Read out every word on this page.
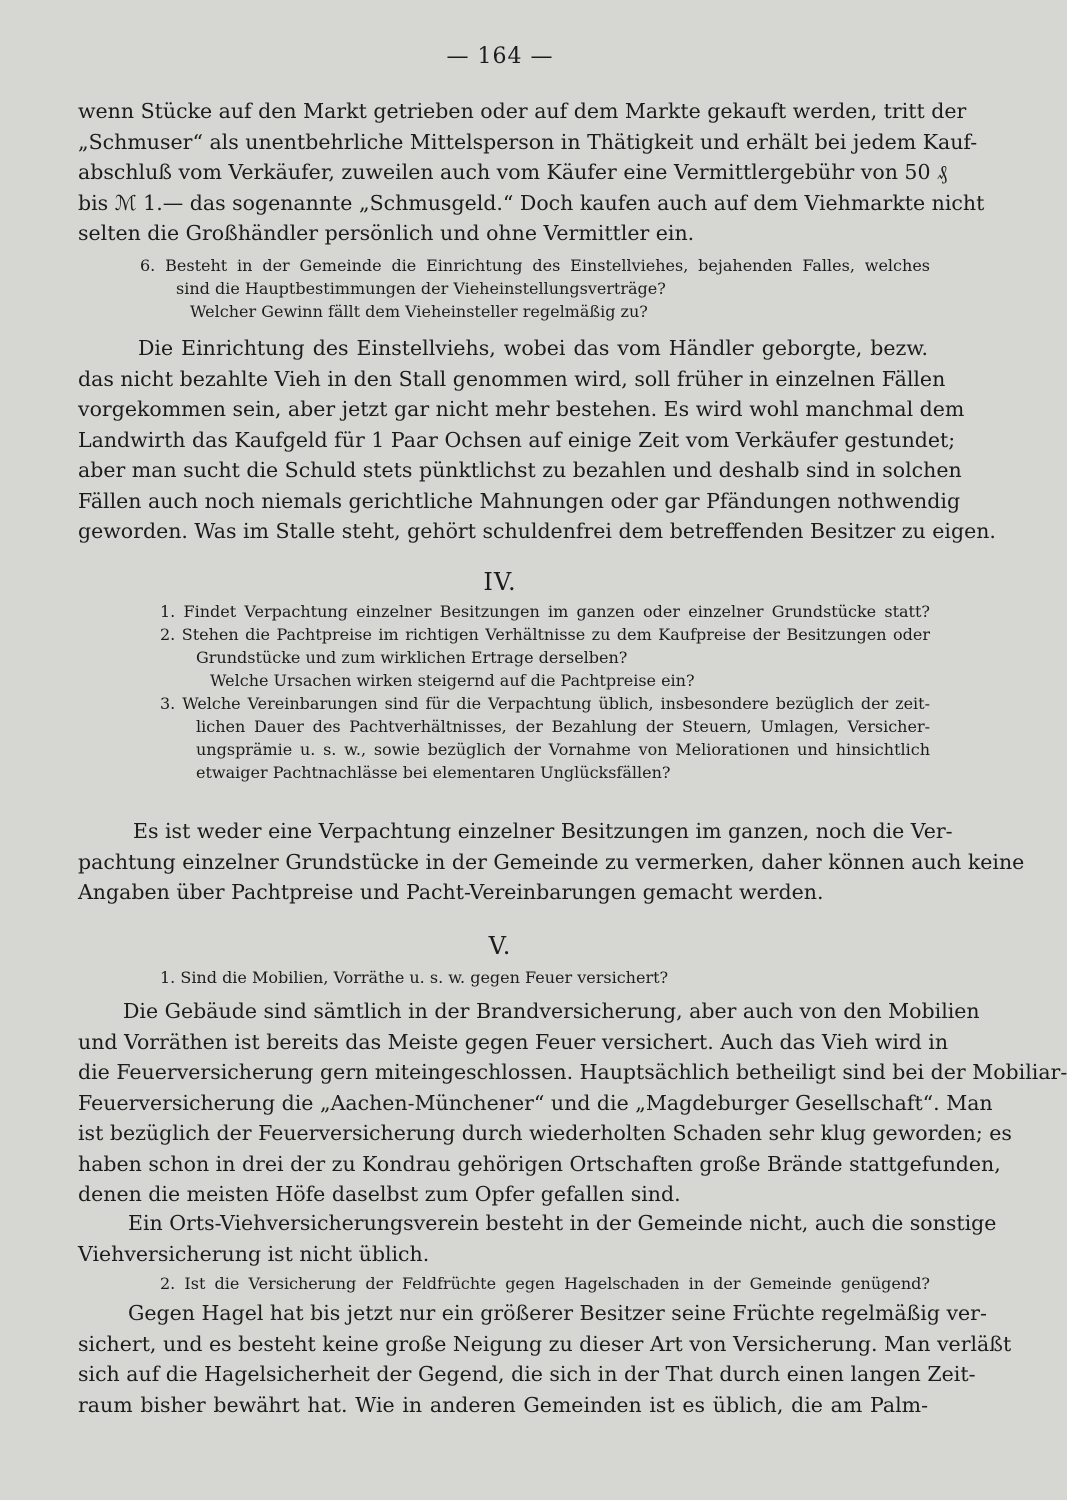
— 164 —
wenn Stücke auf den Markt getrieben oder auf dem Markte gekauft werden, tritt der
„Schmuser“ als unentbehrliche Mittelsperson in Thätigkeit und erhält bei jedem Kauf-
abschluß vom Verkäufer, zuweilen auch vom Käufer eine Vermittlergebühr von 50 ₰
bis ℳ 1.— das sogenannte „Schmusgeld.“ Doch kaufen auch auf dem Viehmarkte nicht
selten die Großhändler persönlich und ohne Vermittler ein.
6. Besteht in der Gemeinde die Einrichtung des Einstellviehes, bejahenden Falles, welches
sind die Hauptbestimmungen der Vieheinstellungsverträge?
Welcher Gewinn fällt dem Vieheinsteller regelmäßig zu?
Die Einrichtung des Einstellviehs, wobei das vom Händler geborgte, bezw.
das nicht bezahlte Vieh in den Stall genommen wird, soll früher in einzelnen Fällen
vorgekommen sein, aber jetzt gar nicht mehr bestehen. Es wird wohl manchmal dem
Landwirth das Kaufgeld für 1 Paar Ochsen auf einige Zeit vom Verkäufer gestundet;
aber man sucht die Schuld stets pünktlichst zu bezahlen und deshalb sind in solchen
Fällen auch noch niemals gerichtliche Mahnungen oder gar Pfändungen nothwendig
geworden. Was im Stalle steht, gehört schuldenfrei dem betreffenden Besitzer zu eigen.
IV.
1. Findet Verpachtung einzelner Besitzungen im ganzen oder einzelner Grundstücke statt?
2. Stehen die Pachtpreise im richtigen Verhältnisse zu dem Kaufpreise der Besitzungen oder
Grundstücke und zum wirklichen Ertrage derselben?
Welche Ursachen wirken steigernd auf die Pachtpreise ein?
3. Welche Vereinbarungen sind für die Verpachtung üblich, insbesondere bezüglich der zeit-
lichen Dauer des Pachtverhältnisses, der Bezahlung der Steuern, Umlagen, Versicher-
ungsprämie u. s. w., sowie bezüglich der Vornahme von Meliorationen und hinsichtlich
etwaiger Pachtnachlässe bei elementaren Unglücksfällen?
Es ist weder eine Verpachtung einzelner Besitzungen im ganzen, noch die Ver-
pachtung einzelner Grundstücke in der Gemeinde zu vermerken, daher können auch keine
Angaben über Pachtpreise und Pacht-Vereinbarungen gemacht werden.
V.
1. Sind die Mobilien, Vorräthe u. s. w. gegen Feuer versichert?
Die Gebäude sind sämtlich in der Brandversicherung, aber auch von den Mobilien
und Vorräthen ist bereits das Meiste gegen Feuer versichert. Auch das Vieh wird in
die Feuerversicherung gern miteingeschlossen. Hauptsächlich betheiligt sind bei der Mobiliar-
Feuerversicherung die „Aachen-Münchener“ und die „Magdeburger Gesellschaft“. Man
ist bezüglich der Feuerversicherung durch wiederholten Schaden sehr klug geworden; es
haben schon in drei der zu Kondrau gehörigen Ortschaften große Brände stattgefunden,
denen die meisten Höfe daselbst zum Opfer gefallen sind.
Ein Orts-Viehversicherungsverein besteht in der Gemeinde nicht, auch die sonstige
Viehversicherung ist nicht üblich.
2. Ist die Versicherung der Feldfrüchte gegen Hagelschaden in der Gemeinde genügend?
Gegen Hagel hat bis jetzt nur ein größerer Besitzer seine Früchte regelmäßig ver-
sichert, und es besteht keine große Neigung zu dieser Art von Versicherung. Man verläßt
sich auf die Hagelsicherheit der Gegend, die sich in der That durch einen langen Zeit-
raum bisher bewährt hat. Wie in anderen Gemeinden ist es üblich, die am Palm-
